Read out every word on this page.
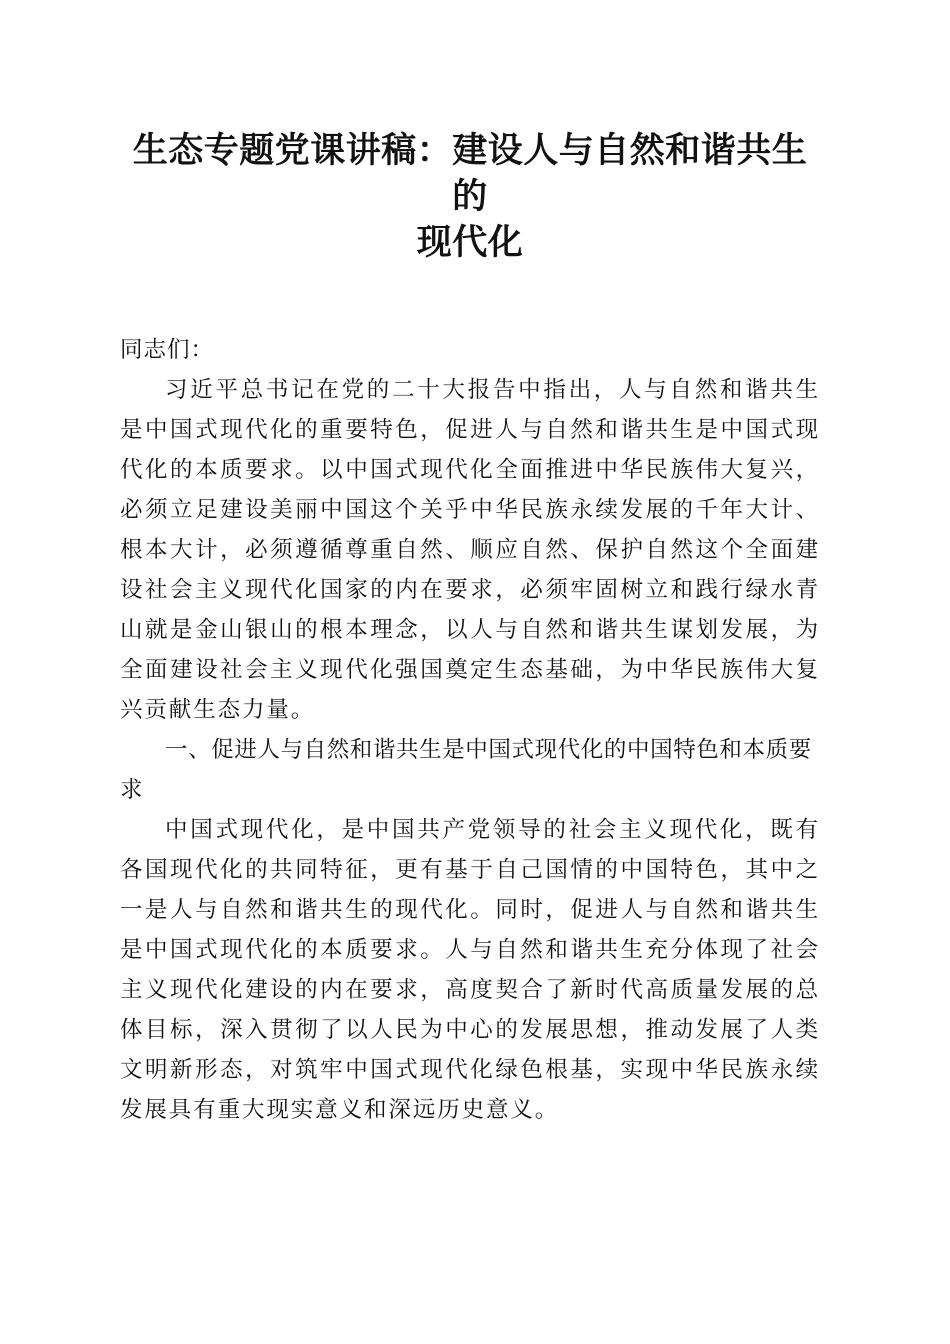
生态专题党课讲稿：建设人与自然和谐共生的
现代化

同志们：

习近平总书记在党的二十大报告中指出，人与自然和谐共生是中国式现代化的重要特色，促进人与自然和谐共生是中国式现代化的本质要求。以中国式现代化全面推进中华民族伟大复兴，必须立足建设美丽中国这个关乎中华民族永续发展的千年大计、根本大计，必须遵循尊重自然、顺应自然、保护自然这个全面建设社会主义现代化国家的内在要求，必须牢固树立和践行绿水青山就是金山银山的根本理念，以人与自然和谐共生谋划发展，为全面建设社会主义现代化强国奠定生态基础，为中华民族伟大复兴贡献生态力量。

一、促进人与自然和谐共生是中国式现代化的中国特色和本质要求

中国式现代化，是中国共产党领导的社会主义现代化，既有各国现代化的共同特征，更有基于自己国情的中国特色，其中之一是人与自然和谐共生的现代化。同时，促进人与自然和谐共生是中国式现代化的本质要求。人与自然和谐共生充分体现了社会主义现代化建设的内在要求，高度契合了新时代高质量发展的总体目标，深入贯彻了以人民为中心的发展思想，推动发展了人类文明新形态，对筑牢中国式现代化绿色根基，实现中华民族永续发展具有重大现实意义和深远历史意义。
